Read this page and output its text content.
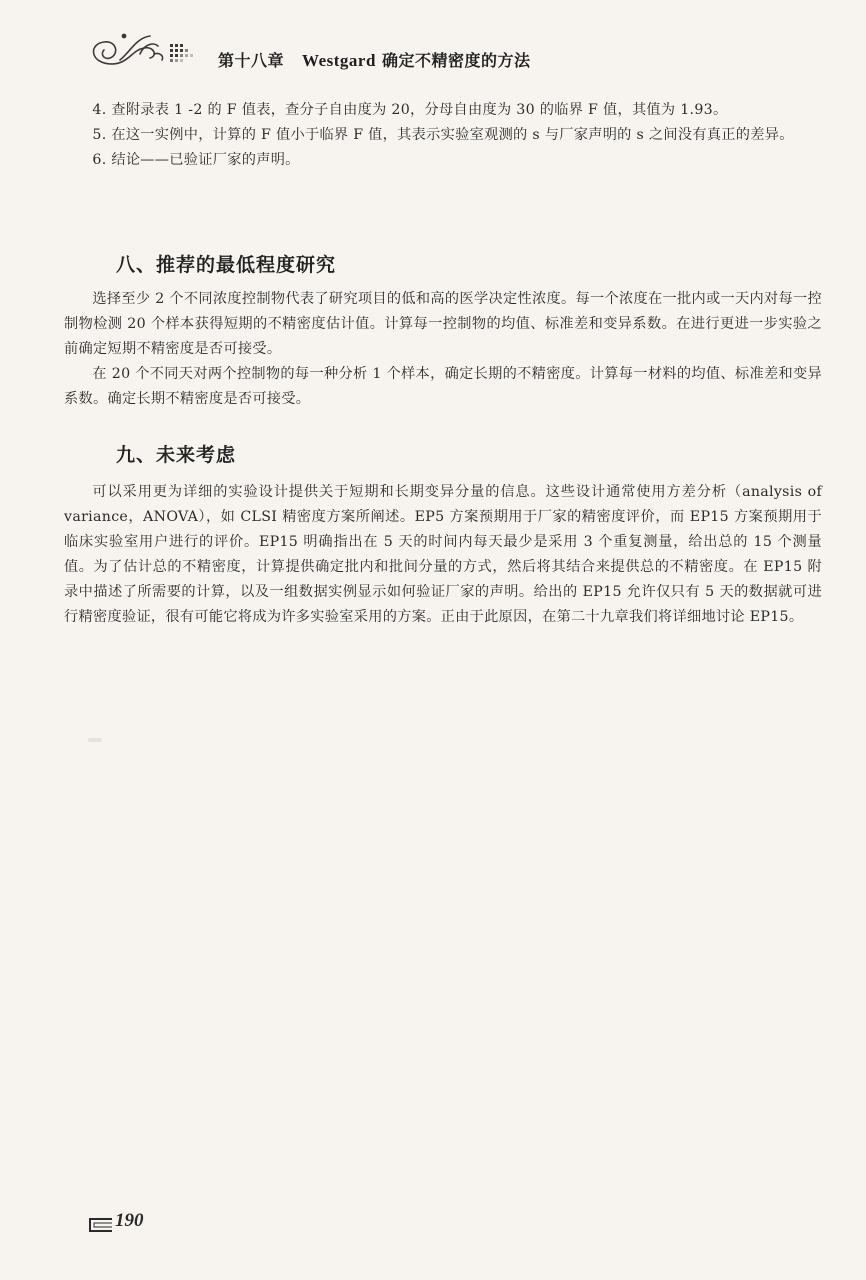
第十八章 Westgard 确定不精密度的方法

4. 查附录表 1 -2 的 F 值表，查分子自由度为 20，分母自由度为 30 的临界 F 值，其值为 1.93。

5. 在这一实例中，计算的 F 值小于临界 F 值，其表示实验室观测的 s 与厂家声明的 s 之间没有真正的差异。

6. 结论——已验证厂家的声明。

八、推荐的最低程度研究

选择至少 2 个不同浓度控制物代表了研究项目的低和高的医学决定性浓度。每一个浓度在一批内或一天内对每一控制物检测 20 个样本获得短期的不精密度估计值。计算每一控制物的均值、标准差和变异系数。在进行更进一步实验之前确定短期不精密度是否可接受。

在 20 个不同天对两个控制物的每一种分析 1 个样本，确定长期的不精密度。计算每一材料的均值、标准差和变异系数。确定长期不精密度是否可接受。

九、未来考虑

可以采用更为详细的实验设计提供关于短期和长期变异分量的信息。这些设计通常使用方差分析（analysis of variance，ANOVA），如 CLSI 精密度方案所阐述。EP5 方案预期用于厂家的精密度评价，而 EP15 方案预期用于临床实验室用户进行的评价。EP15 明确指出在 5 天的时间内每天最少是采用 3 个重复测量，给出总的 15 个测量值。为了估计总的不精密度，计算提供确定批内和批间分量的方式，然后将其结合来提供总的不精密度。在 EP15 附录中描述了所需要的计算，以及一组数据实例显示如何验证厂家的声明。给出的 EP15 允许仅只有 5 天的数据就可进行精密度验证，很有可能它将成为许多实验室采用的方案。正由于此原因，在第二十九章我们将详细地讨论 EP15。

190
